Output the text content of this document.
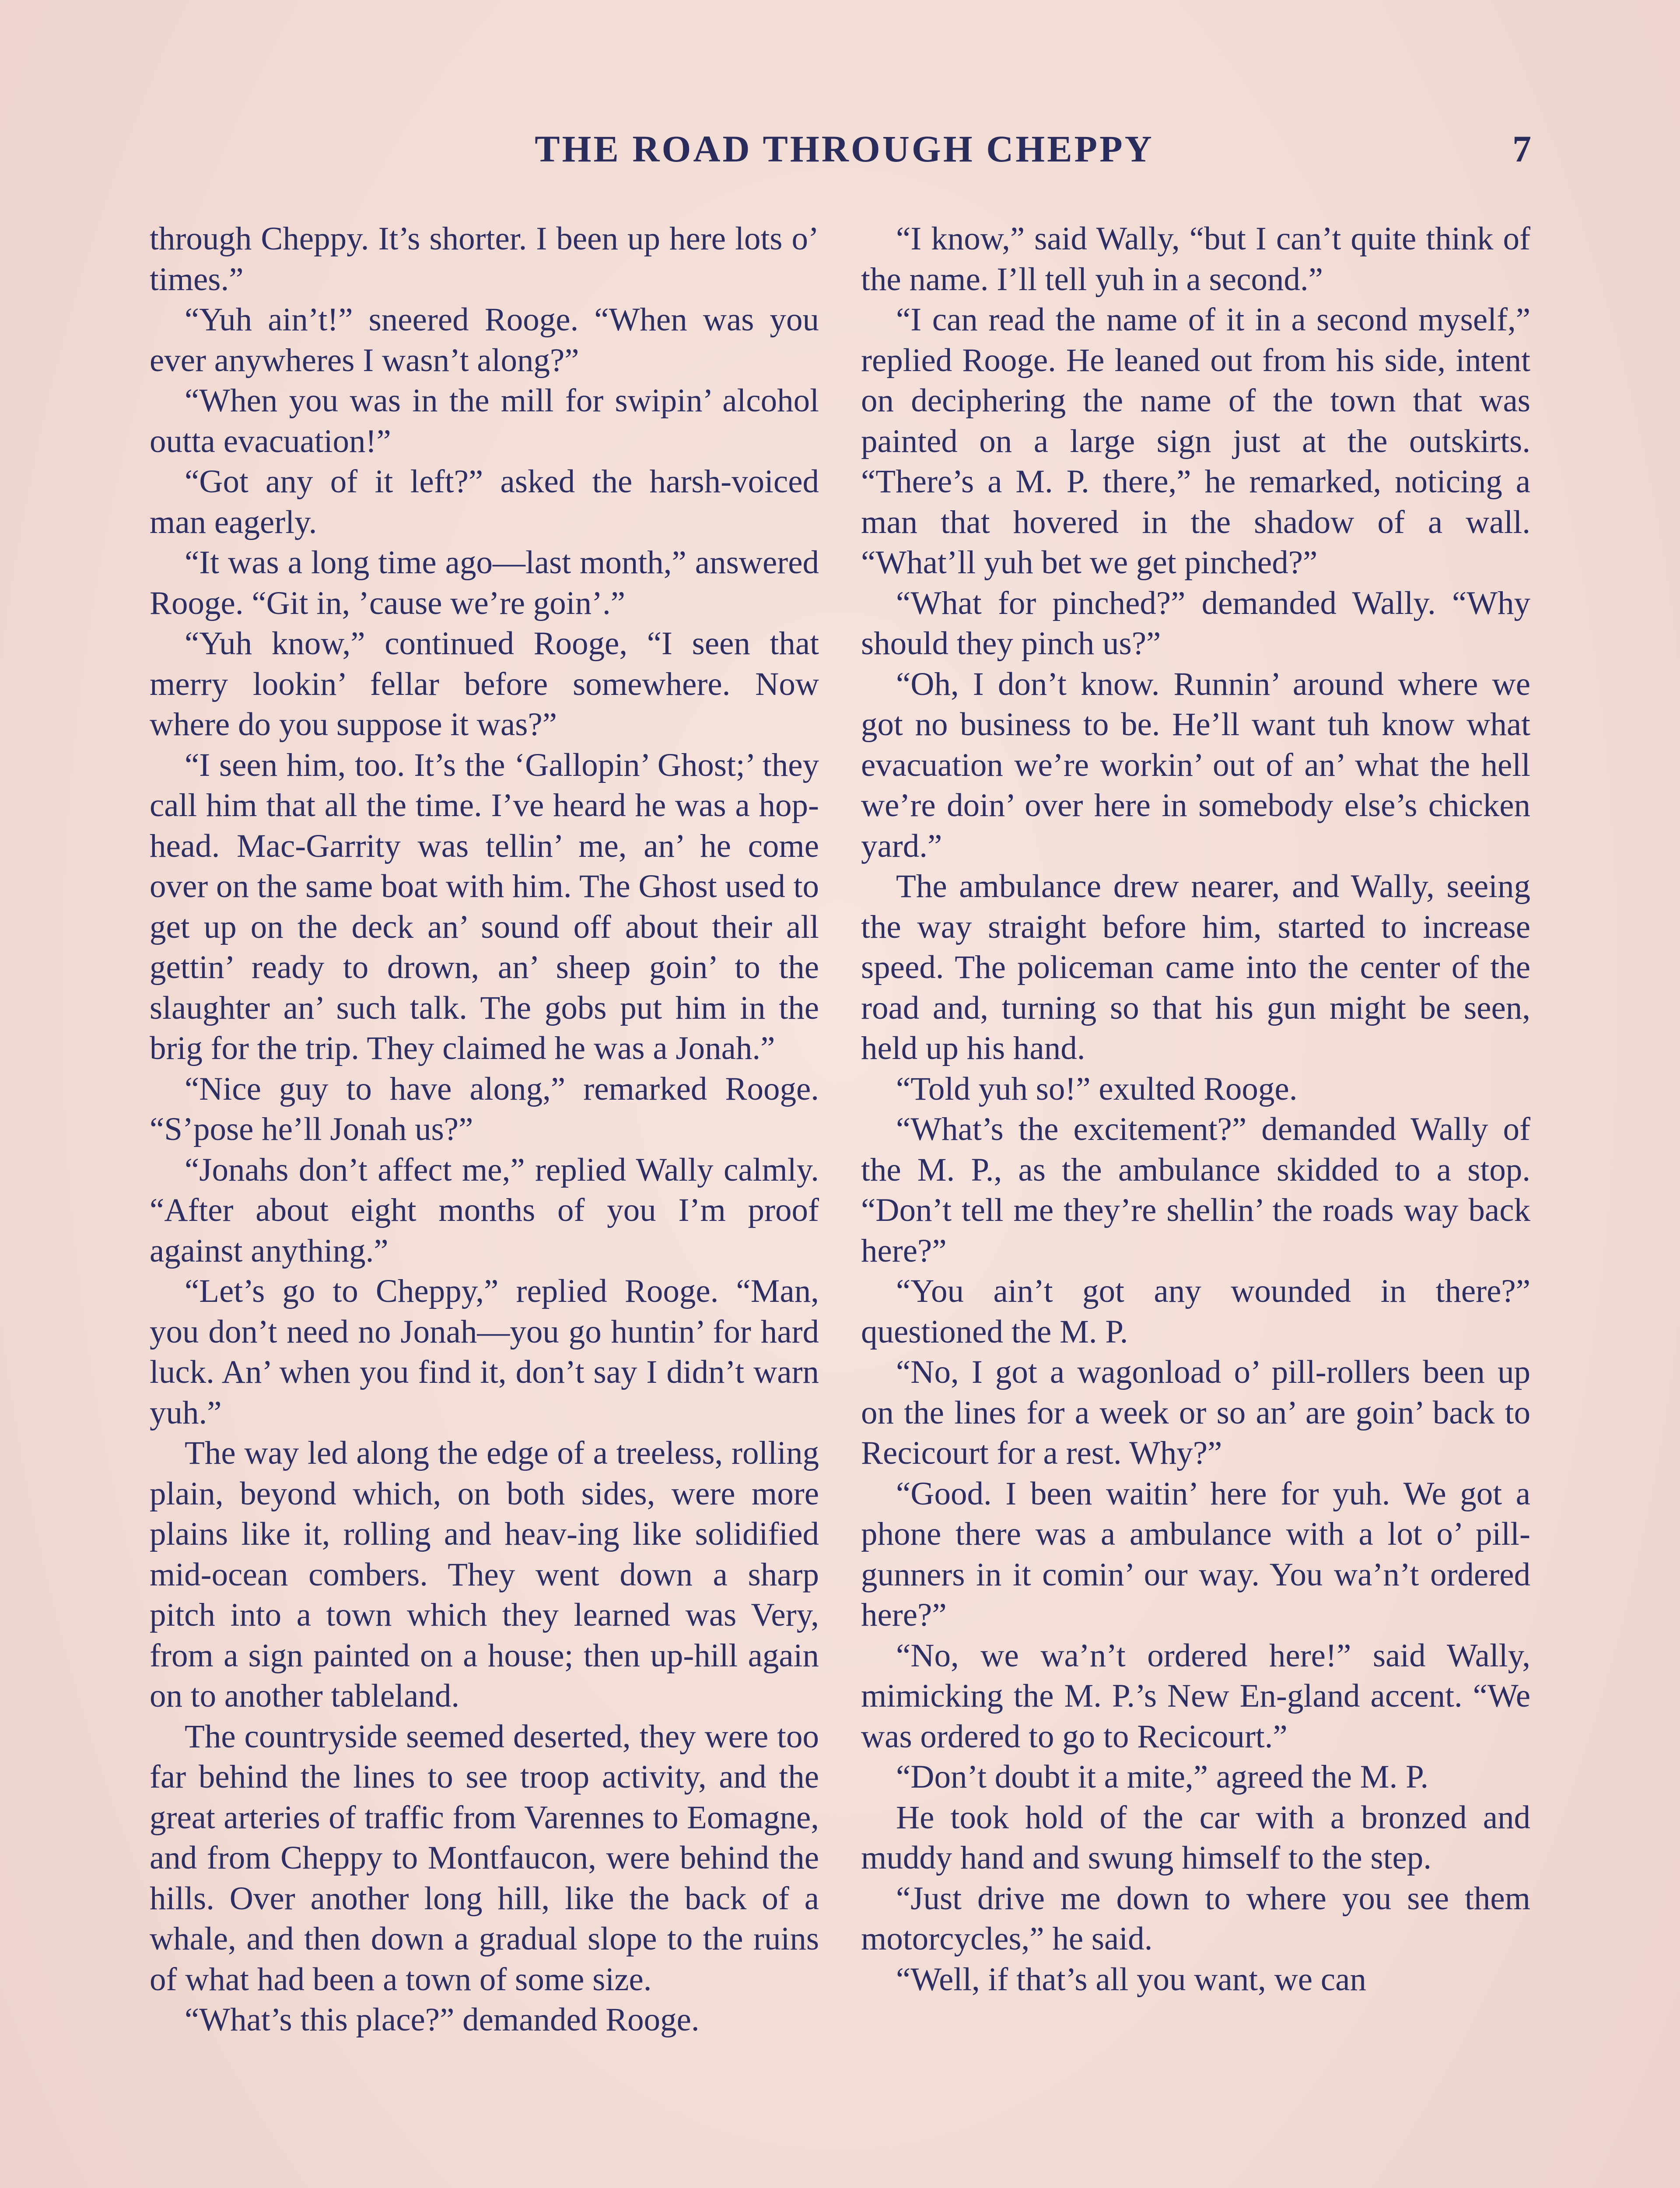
THE ROAD THROUGH CHEPPY	7

through Cheppy. It’s shorter. I been up here lots o’ times.”

“Yuh ain’t!” sneered Rooge. “When was you ever anywheres I wasn’t along?”

“When you was in the mill for swipin’ alcohol outta evacuation!”

“Got any of it left?” asked the harsh-voiced man eagerly.

“It was a long time ago—last month,” answered Rooge. “Git in, ’cause we’re goin’.”

“Yuh know,” continued Rooge, “I seen that merry lookin’ fellar before somewhere. Now where do you suppose it was?”

“I seen him, too. It’s the ‘Gallopin’ Ghost;’ they call him that all the time. I’ve heard he was a hop-head. Mac-Garrity was tellin’ me, an’ he come over on the same boat with him. The Ghost used to get up on the deck an’ sound off about their all gettin’ ready to drown, an’ sheep goin’ to the slaughter an’ such talk. The gobs put him in the brig for the trip. They claimed he was a Jonah.”

“Nice guy to have along,” remarked Rooge. “S’pose he’ll Jonah us?”

“Jonahs don’t affect me,” replied Wally calmly. “After about eight months of you I’m proof against anything.”

“Let’s go to Cheppy,” replied Rooge. “Man, you don’t need no Jonah—you go huntin’ for hard luck. An’ when you find it, don’t say I didn’t warn yuh.”

The way led along the edge of a treeless, rolling plain, beyond which, on both sides, were more plains like it, rolling and heav-ing like solidified mid-ocean combers. They went down a sharp pitch into a town which they learned was Very, from a sign painted on a house; then up-hill again on to another tableland.

The countryside seemed deserted, they were too far behind the lines to see troop activity, and the great arteries of traffic from Varennes to Eomagne, and from Cheppy to Montfaucon, were behind the hills. Over another long hill, like the back of a whale, and then down a gradual slope to the ruins of what had been a town of some size.

“What’s this place?” demanded Rooge.

“I know,” said Wally, “but I can’t quite think of the name. I’ll tell yuh in a second.”

“I can read the name of it in a second myself,” replied Rooge. He leaned out from his side, intent on deciphering the name of the town that was painted on a large sign just at the outskirts. “There’s a M. P. there,” he remarked, noticing a man that hovered in the shadow of a wall. “What’ll yuh bet we get pinched?”

“What for pinched?” demanded Wally. “Why should they pinch us?”

“Oh, I don’t know. Runnin’ around where we got no business to be. He’ll want tuh know what evacuation we’re workin’ out of an’ what the hell we’re doin’ over here in somebody else’s chicken yard.”

The ambulance drew nearer, and Wally, seeing the way straight before him, started to increase speed. The policeman came into the center of the road and, turning so that his gun might be seen, held up his hand.

“Told yuh so!” exulted Rooge.

“What’s the excitement?” demanded Wally of the M. P., as the ambulance skidded to a stop. “Don’t tell me they’re shellin’ the roads way back here?”

“You ain’t got any wounded in there?” questioned the M. P.

“No, I got a wagonload o’ pill-rollers been up on the lines for a week or so an’ are goin’ back to Recicourt for a rest. Why?”

“Good. I been waitin’ here for yuh. We got a phone there was a ambulance with a lot o’ pill-gunners in it comin’ our way. You wa’n’t ordered here?”

“No, we wa’n’t ordered here!” said Wally, mimicking the M. P.’s New En-gland accent. “We was ordered to go to Recicourt.”

“Don’t doubt it a mite,” agreed the M. P.

He took hold of the car with a bronzed and muddy hand and swung himself to the step.

“Just drive me down to where you see them motorcycles,” he said.

“Well, if that’s all you want, we can
